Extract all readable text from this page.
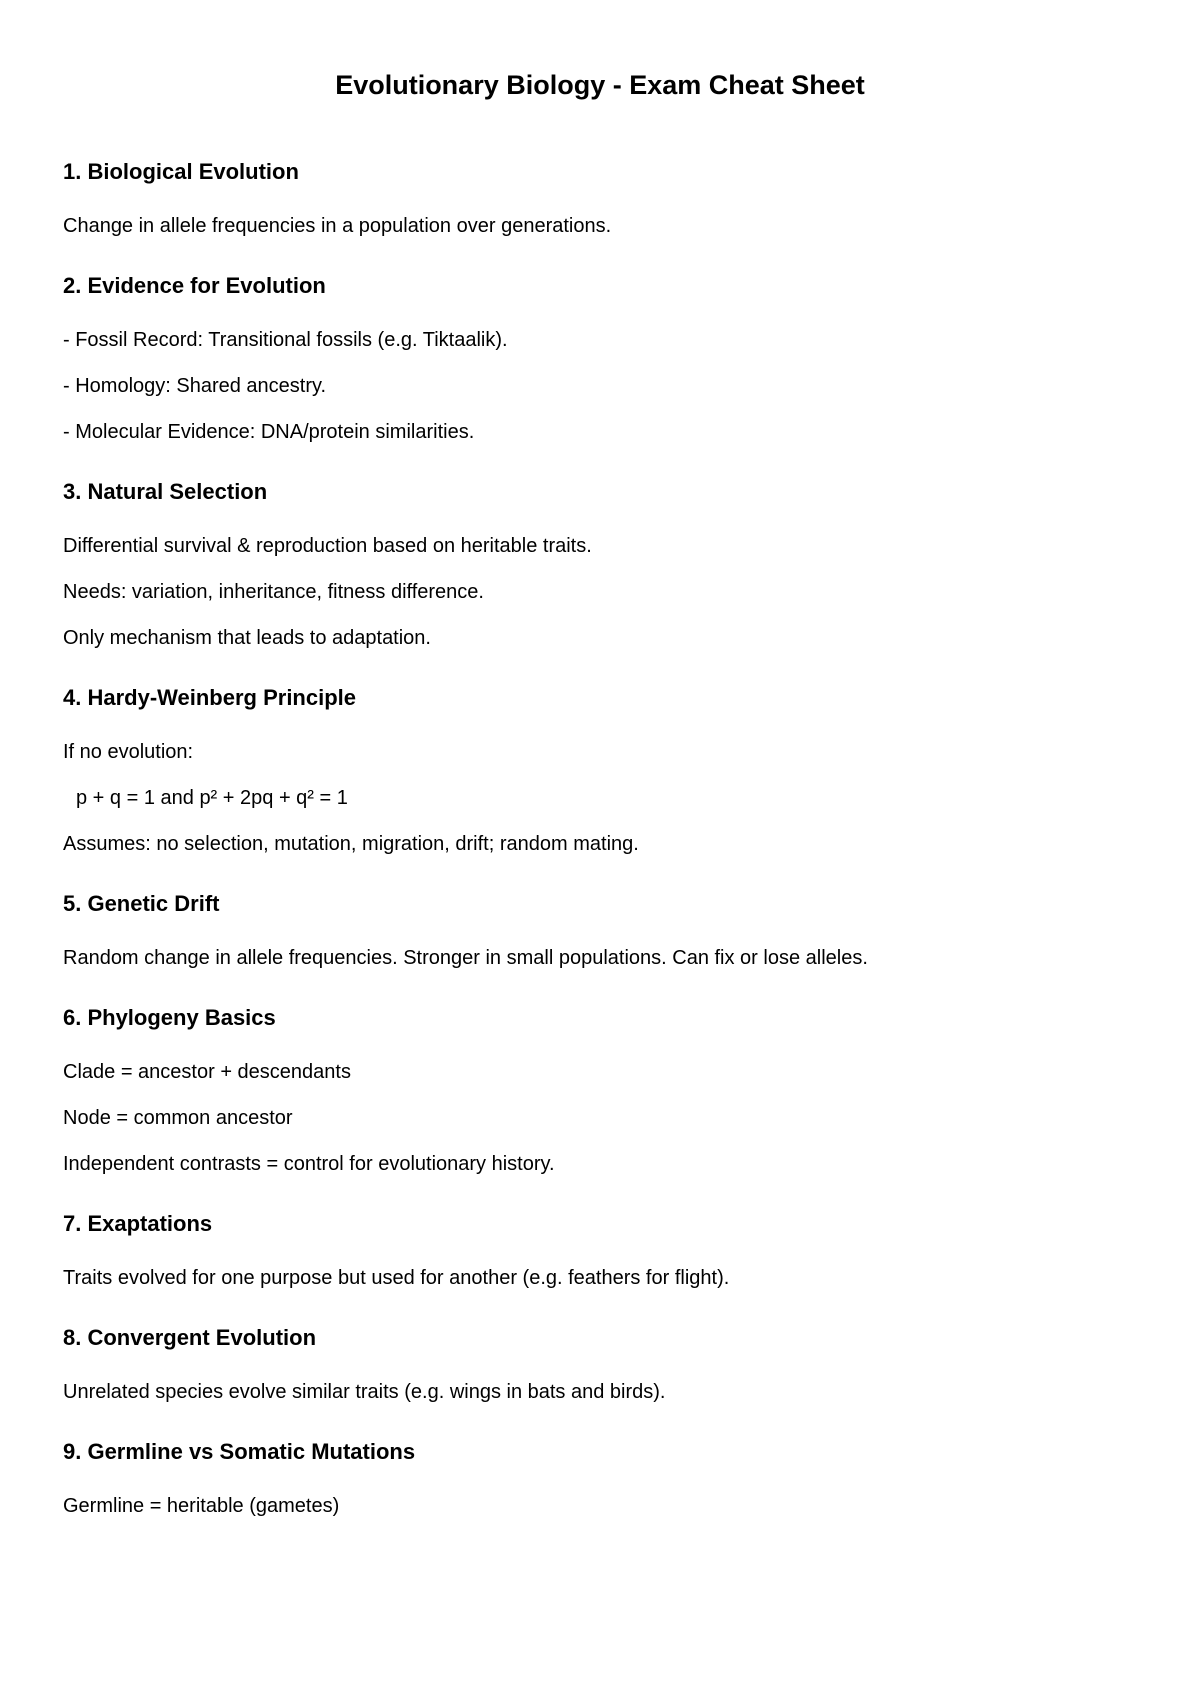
Evolutionary Biology - Exam Cheat Sheet
1. Biological Evolution

Change in allele frequencies in a population over generations.

2. Evidence for Evolution

- Fossil Record: Transitional fossils (e.g. Tiktaalik).

- Homology: Shared ancestry.

- Molecular Evidence: DNA/protein similarities.

3. Natural Selection

Differential survival & reproduction based on heritable traits.

Needs: variation, inheritance, fitness difference.

Only mechanism that leads to adaptation.

4. Hardy-Weinberg Principle

If no evolution:

p + q = 1 and p² + 2pq + q² = 1

Assumes: no selection, mutation, migration, drift; random mating.

5. Genetic Drift

Random change in allele frequencies. Stronger in small populations. Can fix or lose alleles.

6. Phylogeny Basics

Clade = ancestor + descendants

Node = common ancestor

Independent contrasts = control for evolutionary history.

7. Exaptations

Traits evolved for one purpose but used for another (e.g. feathers for flight).

8. Convergent Evolution

Unrelated species evolve similar traits (e.g. wings in bats and birds).

9. Germline vs Somatic Mutations

Germline = heritable (gametes)
